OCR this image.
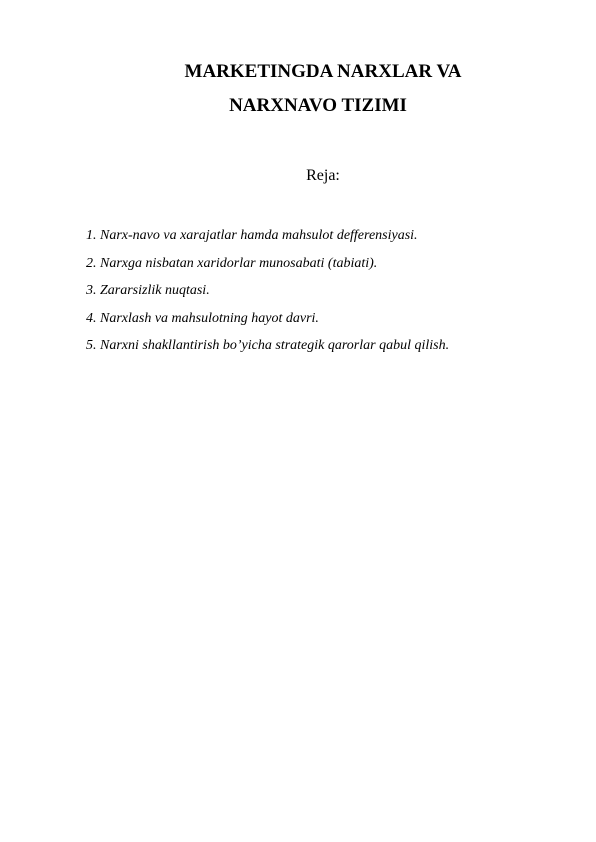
MARKETINGDA NARXLAR VA
NARXNAVO TIZIMI
Reja:
1. Narx-navo va xarajatlar hamda mahsulot defferensiyasi.
2. Narxga nisbatan xaridorlar munosabati (tabiati).
3. Zararsizlik nuqtasi.
4. Narxlash va mahsulotning hayot davri.
5. Narxni shakllantirish bo’yicha strategik qarorlar qabul qilish.
